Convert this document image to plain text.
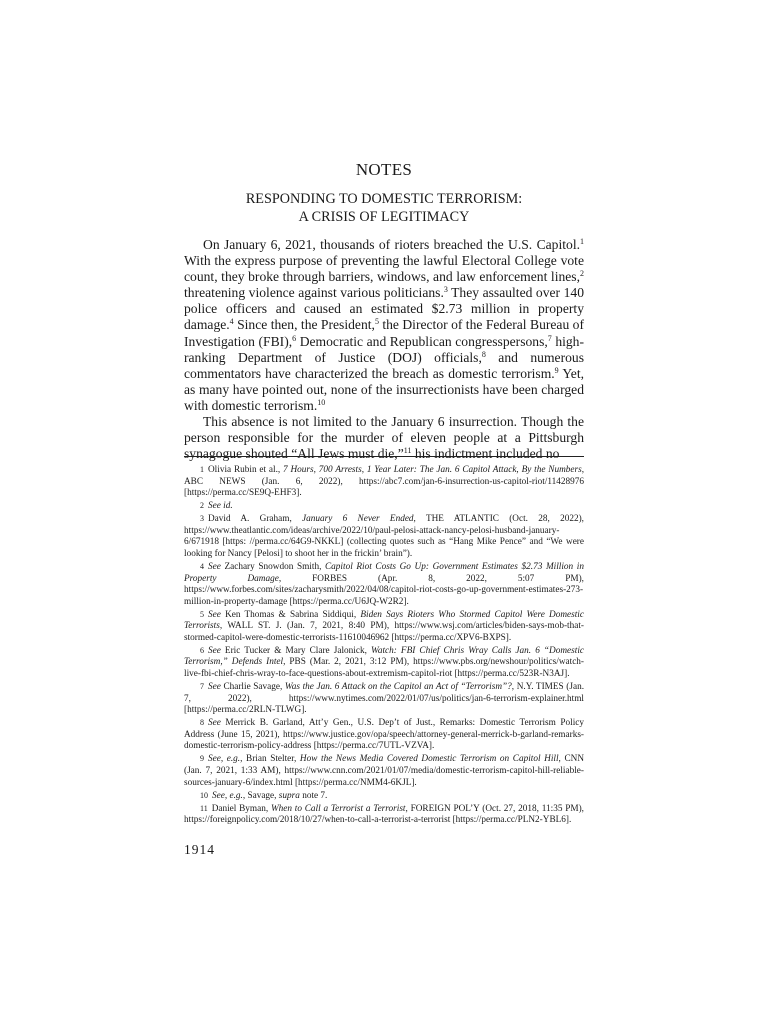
NOTES
RESPONDING TO DOMESTIC TERRORISM:
A CRISIS OF LEGITIMACY

On January 6, 2021, thousands of rioters breached the U.S. Capitol.$^1$ With the express purpose of preventing the lawful Electoral College vote count, they broke through barriers, windows, and law enforcement lines,$^2$ threatening violence against various politicians.$^3$ They assaulted over 140 police officers and caused an estimated $2.73 million in property damage.$^4$ Since then, the President,$^5$ the Director of the Federal Bureau of Investigation (FBI),$^6$ Democratic and Republican congresspersons,$^7$ high-ranking Department of Justice (DOJ) officials,$^8$ and numerous commentators have characterized the breach as domestic terrorism.$^9$ Yet, as many have pointed out, none of the insurrectionists have been charged with domestic terrorism.$^{10}$

This absence is not limited to the January 6 insurrection. Though the person responsible for the murder of eleven people at a Pittsburgh synagogue shouted “All Jews must die,”$^{11}$ his indictment included no

1 Olivia Rubin et al., 7 Hours, 700 Arrests, 1 Year Later: The Jan. 6 Capitol Attack, By the Numbers, ABC NEWS (Jan. 6, 2022), https://abc7.com/jan-6-insurrection-us-capitol-riot/11428976 [https://perma.cc/SE9Q-EHF3].

2 See id.

3 David A. Graham, January 6 Never Ended, THE ATLANTIC (Oct. 28, 2022), https://www.theatlantic.com/ideas/archive/2022/10/paul-pelosi-attack-nancy-pelosi-husband-january-6/671918 [https: //perma.cc/64G9-NKKL] (collecting quotes such as “Hang Mike Pence” and “We were looking for Nancy [Pelosi] to shoot her in the frickin’ brain”).

4 See Zachary Snowdon Smith, Capitol Riot Costs Go Up: Government Estimates $2.73 Million in Property Damage, FORBES (Apr. 8, 2022, 5:07 PM), https://www.forbes.com/sites/zacharysmith/2022/04/08/capitol-riot-costs-go-up-government-estimates-273-million-in-property-damage [https://perma.cc/U6JQ-W2R2].

5 See Ken Thomas & Sabrina Siddiqui, Biden Says Rioters Who Stormed Capitol Were Domestic Terrorists, WALL ST. J. (Jan. 7, 2021, 8:40 PM), https://www.wsj.com/articles/biden-says-mob-that-stormed-capitol-were-domestic-terrorists-11610046962 [https://perma.cc/XPV6-BXPS].

6 See Eric Tucker & Mary Clare Jalonick, Watch: FBI Chief Chris Wray Calls Jan. 6 “Domestic Terrorism,” Defends Intel, PBS (Mar. 2, 2021, 3:12 PM), https://www.pbs.org/newshour/politics/watch-live-fbi-chief-chris-wray-to-face-questions-about-extremism-capitol-riot [https://perma.cc/523R-N3AJ].

7 See Charlie Savage, Was the Jan. 6 Attack on the Capitol an Act of “Terrorism”?, N.Y. TIMES (Jan. 7, 2022), https://www.nytimes.com/2022/01/07/us/politics/jan-6-terrorism-explainer.html [https://perma.cc/2RLN-TLWG].

8 See Merrick B. Garland, Att’y Gen., U.S. Dep’t of Just., Remarks: Domestic Terrorism Policy Address (June 15, 2021), https://www.justice.gov/opa/speech/attorney-general-merrick-b-garland-remarks-domestic-terrorism-policy-address [https://perma.cc/7UTL-VZVA].

9 See, e.g., Brian Stelter, How the News Media Covered Domestic Terrorism on Capitol Hill, CNN (Jan. 7, 2021, 1:33 AM), https://www.cnn.com/2021/01/07/media/domestic-terrorism-capitol-hill-reliable-sources-january-6/index.html [https://perma.cc/NMM4-6KJL].

10 See, e.g., Savage, supra note 7.

11 Daniel Byman, When to Call a Terrorist a Terrorist, FOREIGN POL’Y (Oct. 27, 2018, 11:35 PM), https://foreignpolicy.com/2018/10/27/when-to-call-a-terrorist-a-terrorist [https://perma.cc/PLN2-YBL6].

1914
